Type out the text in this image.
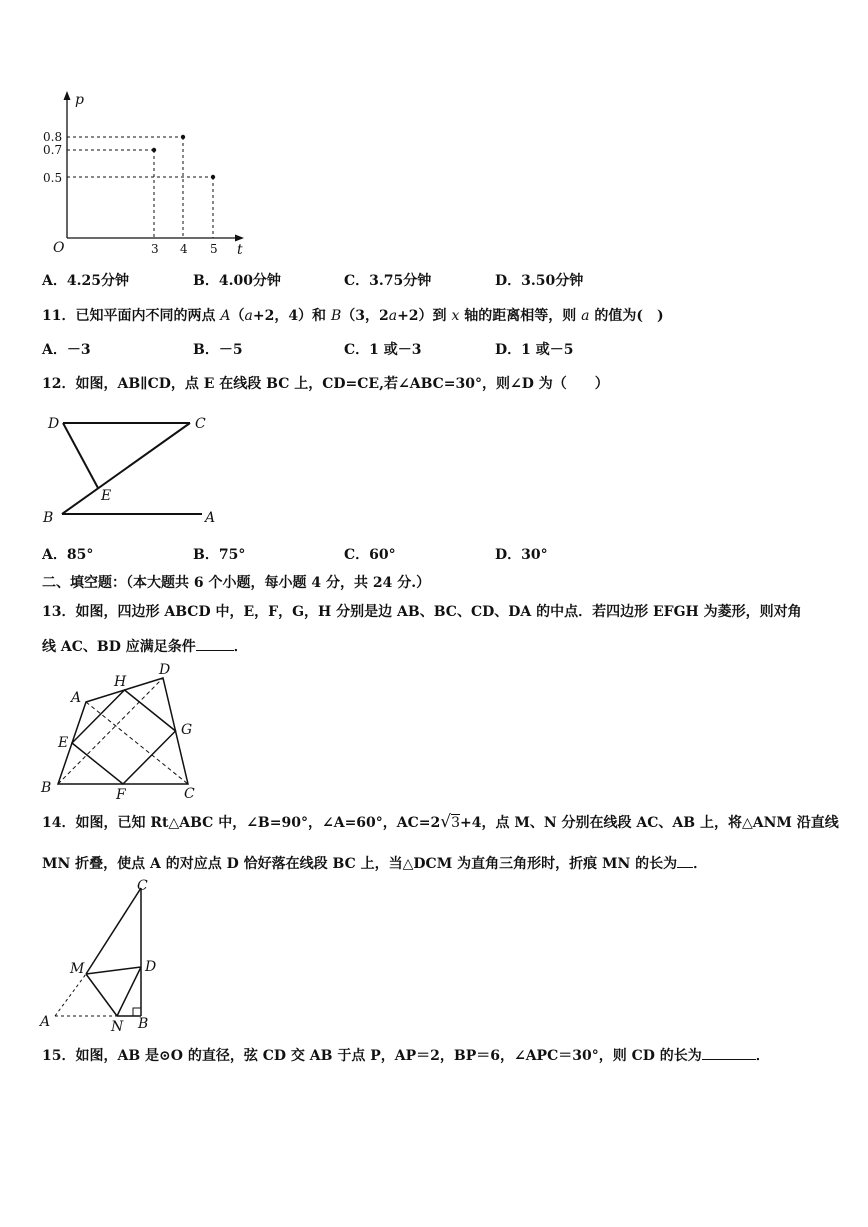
p
t
O
0.8
0.7
0.5
3 4 5
A．4.25分钟	B．4.00分钟	C．3.75分钟	D．3.50分钟
11．已知平面内不同的两点 A（a+2，4）和 B（3，2a+2）到 x 轴的距离相等，则 a 的值为(　)
A．－3	B．－5	C．1 或－3	D．1 或－5
12．如图，AB∥CD，点 E 在线段 BC 上，CD=CE,若∠ABC=30°，则∠D 为（　　）
D	C
E
B	A
A．85°	B．75°	C．60°	D．30°
二、填空题：（本大题共 6 个小题，每小题 4 分，共 24 分.）
13．如图，四边形 ABCD 中，E，F，G，H 分别是边 AB、BC、CD、DA 的中点．若四边形 EFGH 为菱形，则对角
线 AC、BD 应满足条件	．
A
H
D
E
G
B	F	C
14．如图，已知 Rt△ABC 中，∠B=90°，∠A=60°，AC=2√3+4，点 M、N 分别在线段 AC、AB 上，将△ANM 沿直线
MN 折叠，使点 A 的对应点 D 恰好落在线段 BC 上，当△DCM 为直角三角形时，折痕 MN 的长为 ．
C
M	D
A	N B
15．如图，AB 是⊙O 的直径，弦 CD 交 AB 于点 P，AP＝2，BP＝6，∠APC＝30°，则 CD 的长为	．
